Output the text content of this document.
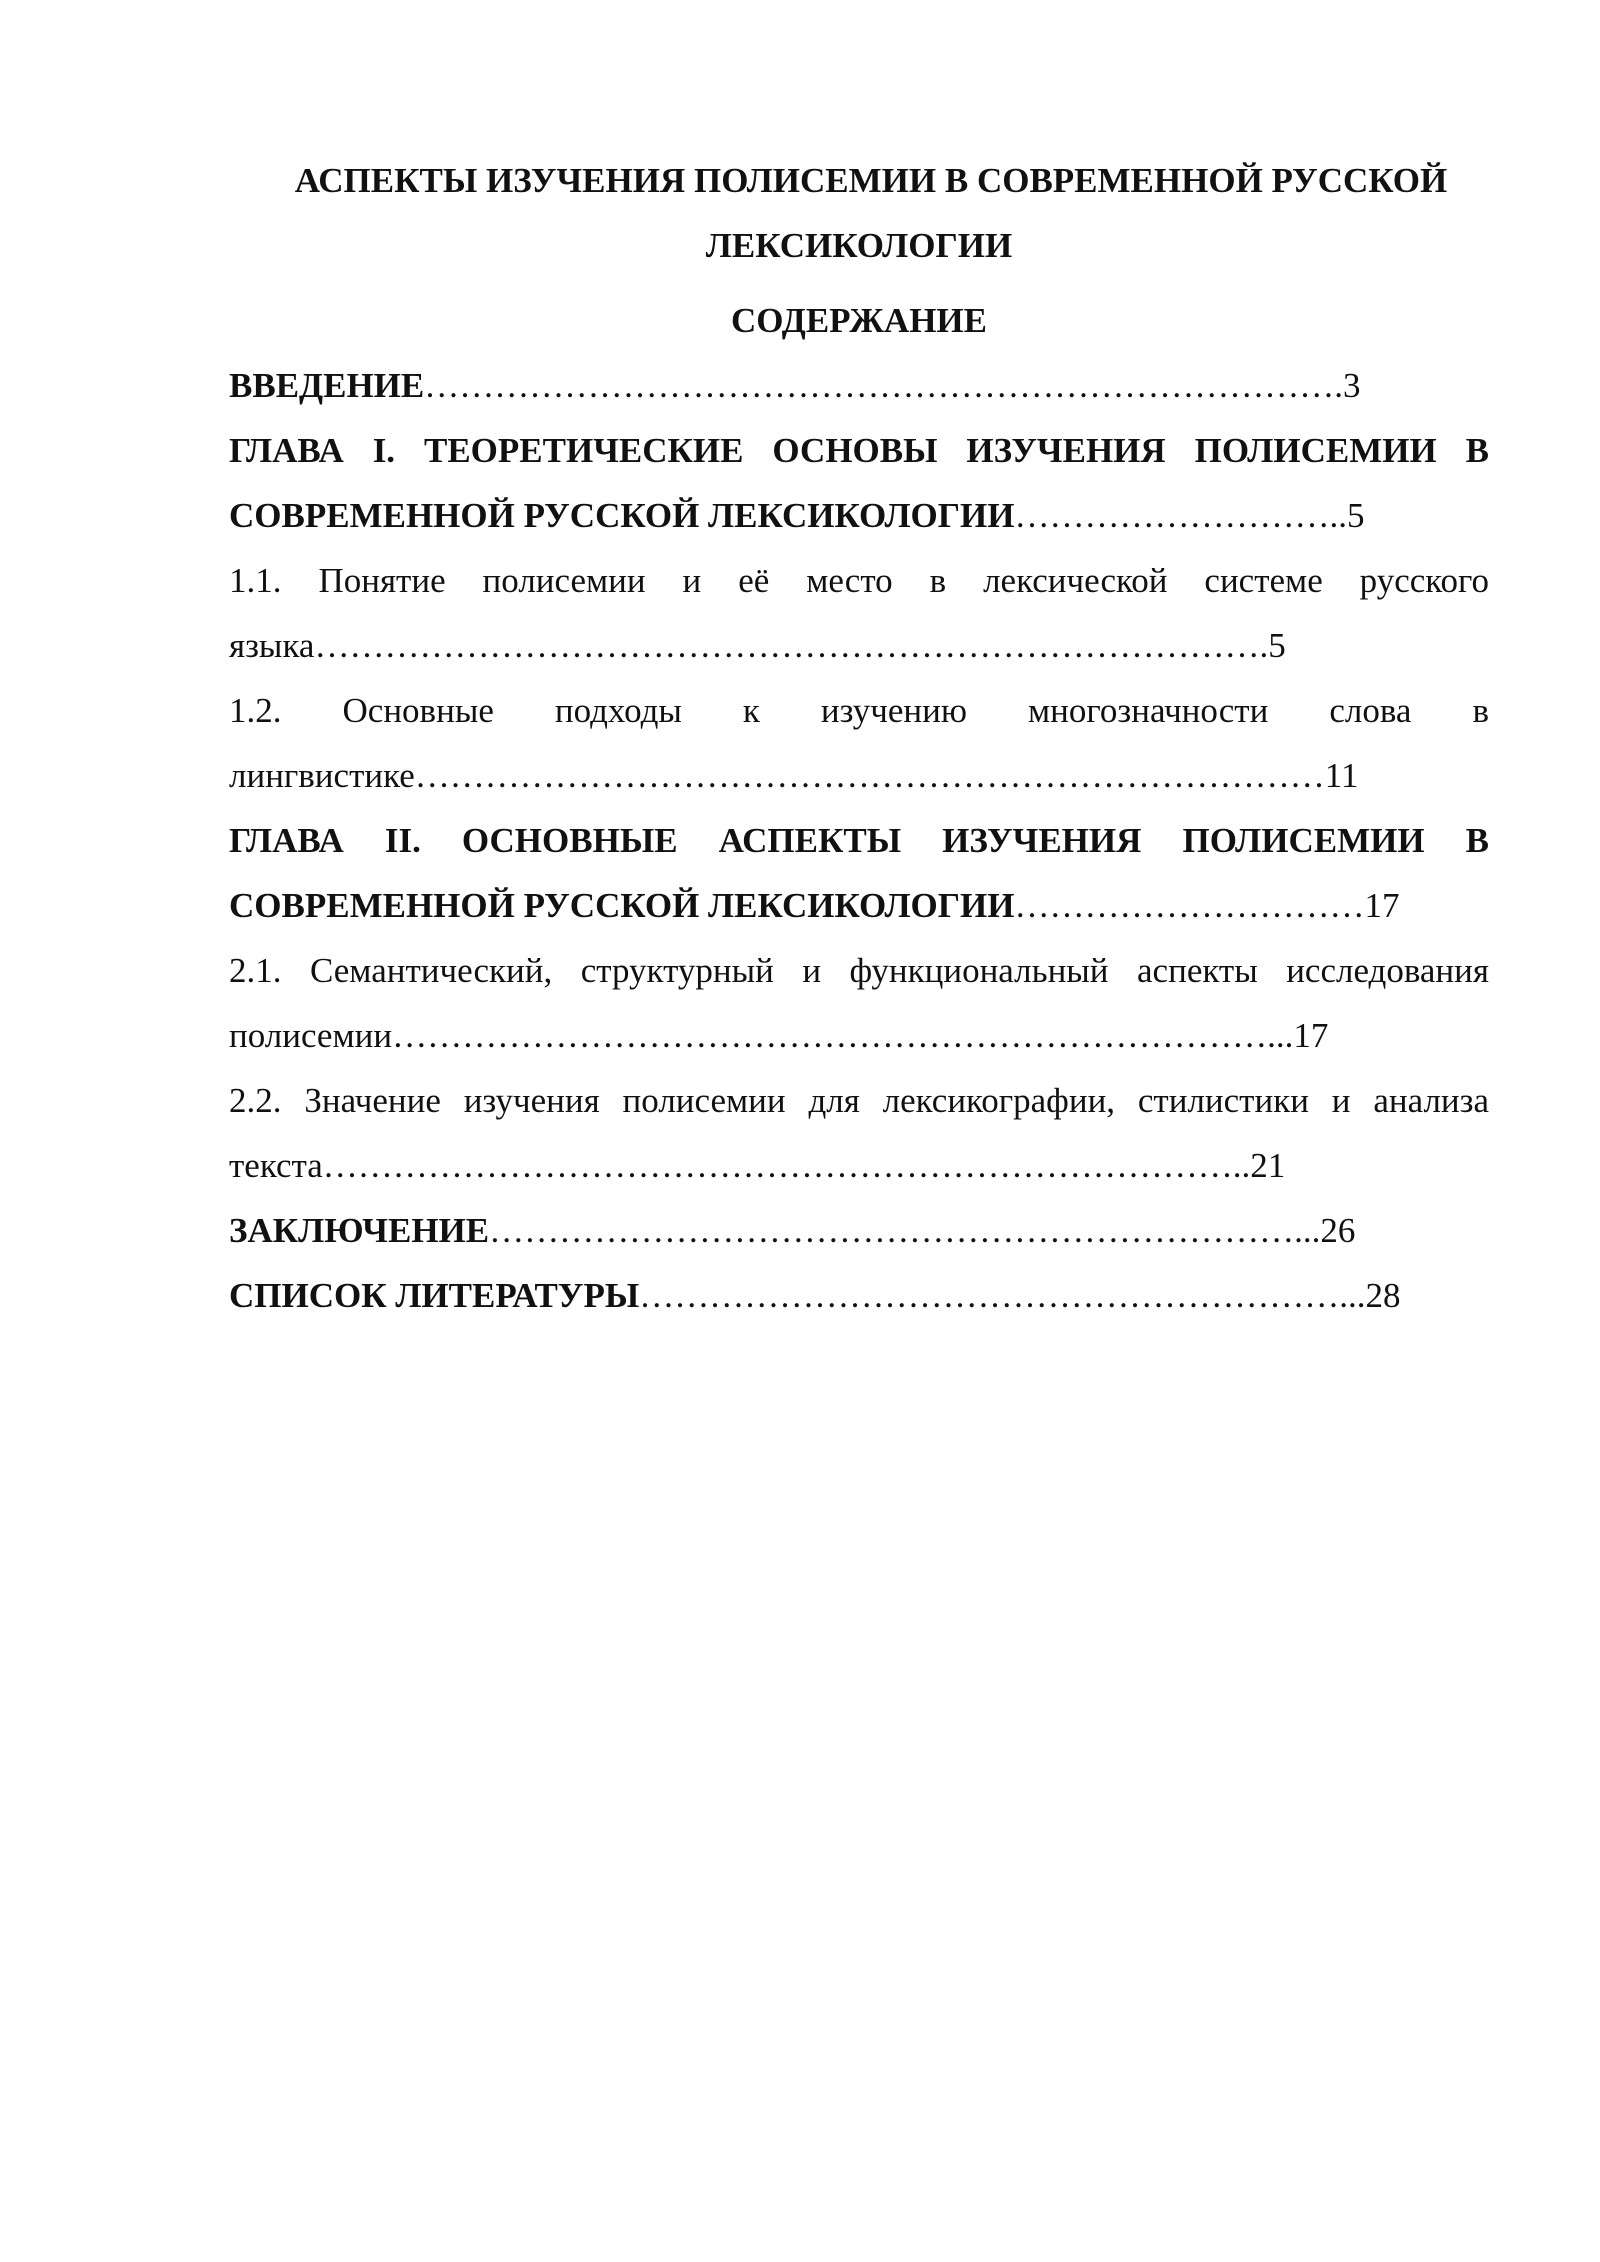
АСПЕКТЫ ИЗУЧЕНИЯ ПОЛИСЕМИИ В СОВРЕМЕННОЙ РУССКОЙ ЛЕКСИКОЛОГИИ

СОДЕРЖАНИЕ

ВВЕДЕНИЕ…………………………………………………………………….3

ГЛАВА I. ТЕОРЕТИЧЕСКИЕ ОСНОВЫ ИЗУЧЕНИЯ ПОЛИСЕМИИ В СОВРЕМЕННОЙ РУССКОЙ ЛЕКСИКОЛОГИИ………………………..5

1.1. Понятие полисемии и её место в лексической системе русского языка……………………………………………………………………….5

1.2. Основные подходы к изучению многозначности слова в лингвистике……………………………………………………………………11

ГЛАВА II. ОСНОВНЫЕ АСПЕКТЫ ИЗУЧЕНИЯ ПОЛИСЕМИИ В СОВРЕМЕННОЙ РУССКОЙ ЛЕКСИКОЛОГИИ…………………………17

2.1. Семантический, структурный и функциональный аспекты исследования полисемии…………………………………………………………………...17

2.2. Значение изучения полисемии для лексикографии, стилистики и анализа текста……………………………………………………………………..21

ЗАКЛЮЧЕНИЕ……………………………………………………………...26

СПИСОК ЛИТЕРАТУРЫ……………………………………………………...28
